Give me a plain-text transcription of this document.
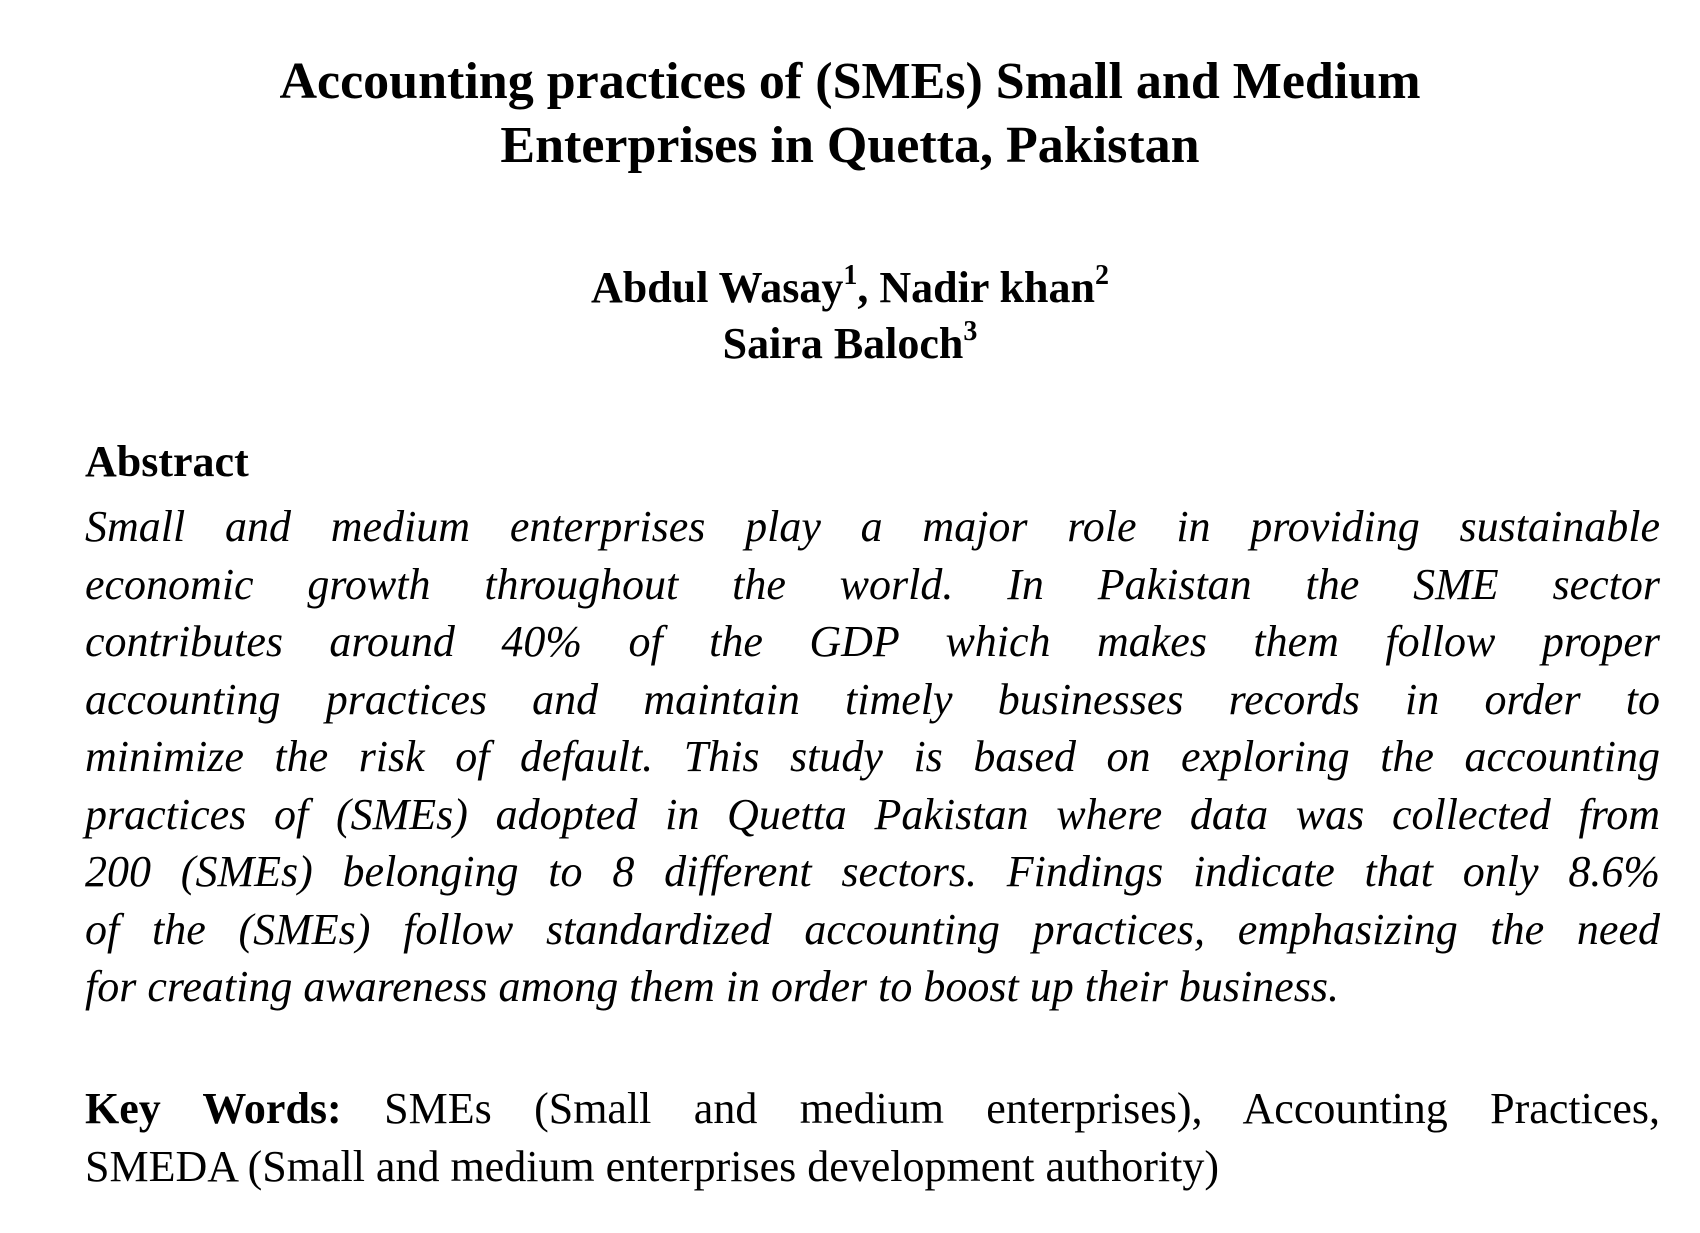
Accounting practices of (SMEs) Small and Medium
Enterprises in Quetta, Pakistan
Abdul Wasay$^1$, Nadir khan$^2$
Saira Baloch$^3$
Abstract
Small and medium enterprises play a major role in providing sustainable
economic growth throughout the world. In Pakistan the SME sector
contributes around 40% of the GDP which makes them follow proper
accounting practices and maintain timely businesses records in order to
minimize the risk of default. This study is based on exploring the accounting
practices of (SMEs) adopted in Quetta Pakistan where data was collected from
200 (SMEs) belonging to 8 different sectors. Findings indicate that only 8.6%
of the (SMEs) follow standardized accounting practices, emphasizing the need
for creating awareness among them in order to boost up their business.
Key Words: SMEs (Small and medium enterprises), Accounting Practices,
SMEDA (Small and medium enterprises development authority)
